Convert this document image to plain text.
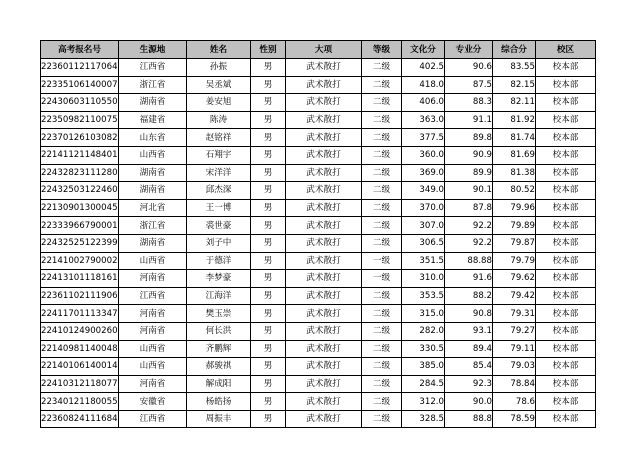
高考报名号	生源地	姓名	性别	大项	等级	文化分	专业分	综合分	校区
22360112117064	江西省	孙振	男	武术散打	二级	402.5	90.6	83.55	校本部
22335106140007	浙江省	吴丞斌	男	武术散打	二级	418.0	87.5	82.15	校本部
22430603110550	湖南省	姜安旭	男	武术散打	二级	406.0	88.3	82.11	校本部
22350982110075	福建省	陈涛	男	武术散打	二级	363.0	91.1	81.92	校本部
22370126103082	山东省	赵铭祥	男	武术散打	二级	377.5	89.8	81.74	校本部
22141121148401	山西省	石翔宇	男	武术散打	二级	360.0	90.9	81.69	校本部
22432823111280	湖南省	宋洋洋	男	武术散打	二级	369.0	89.9	81.38	校本部
22432503122460	湖南省	邱杰深	男	武术散打	二级	349.0	90.1	80.52	校本部
22130901300045	河北省	王一博	男	武术散打	二级	370.0	87.8	79.96	校本部
22333966790001	浙江省	裘世豪	男	武术散打	二级	307.0	92.2	79.89	校本部
22432525122399	湖南省	刘子中	男	武术散打	二级	306.5	92.2	79.87	校本部
22141002790002	山西省	于德洋	男	武术散打	一级	351.5	88.88	79.79	校本部
22413101118161	河南省	李梦豪	男	武术散打	一级	310.0	91.6	79.62	校本部
22361102111906	江西省	江海洋	男	武术散打	二级	353.5	88.2	79.42	校本部
22411701113347	河南省	樊玉崇	男	武术散打	二级	315.0	90.8	79.31	校本部
22410124900260	河南省	何长洪	男	武术散打	二级	282.0	93.1	79.27	校本部
22140981140048	山西省	齐鹏辉	男	武术散打	二级	330.5	89.4	79.11	校本部
22140106140014	山西省	郝骏祺	男	武术散打	二级	385.0	85.4	79.03	校本部
22410312118077	河南省	解成阳	男	武术散打	二级	284.5	92.3	78.84	校本部
22340121180055	安徽省	杨皓扬	男	武术散打	二级	312.0	90.0	78.6	校本部
22360824111684	江西省	周振丰	男	武术散打	二级	328.5	88.8	78.59	校本部
